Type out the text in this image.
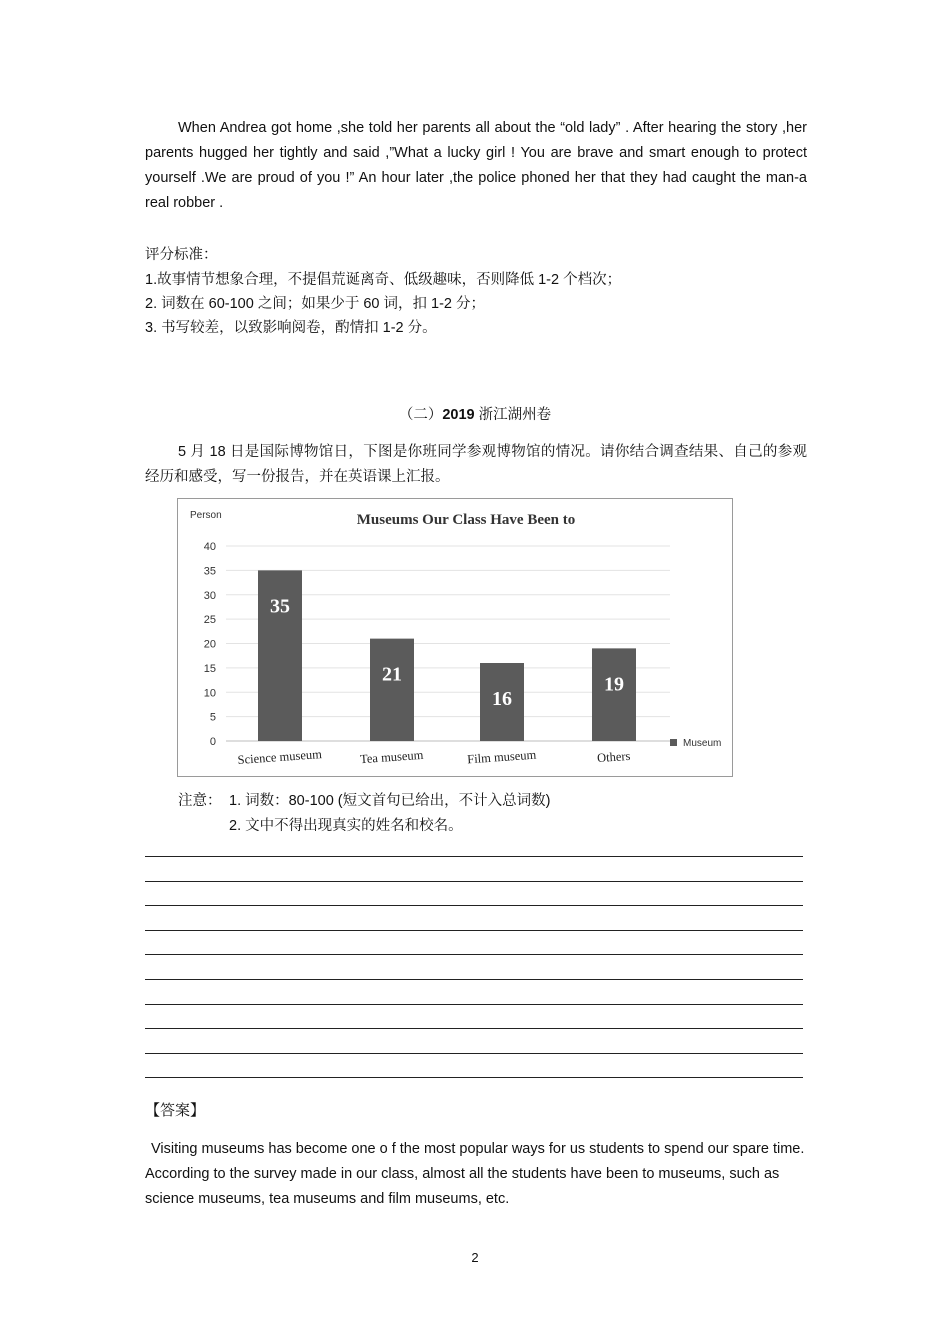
When Andrea got home ,she told her parents all about the “old lady” . After hearing the story ,her parents hugged her tightly and said ,”What a lucky girl ! You are brave and smart enough to protect yourself .We are proud of you !” An hour later ,the police phoned her that they had caught the man-a real robber .

评分标准：
1.故事情节想象合理，不提倡荒诞离奇、低级趣味，否则降低 1-2 个档次；
2. 词数在 60-100 之间；如果少于 60 词，扣 1-2 分；
3. 书写较差，以致影响阅卷，酌情扣 1-2 分。
（二）2019 浙江湖州卷

5 月 18 日是国际博物馆日，下图是你班同学参观博物馆的情况。请你结合调查结果、自己的参观经历和感受，写一份报告，并在英语课上汇报。

0
5
10
15
20
25
30
35
40
Person	Museums Our Class Have Been to
35
Science museum
21
Tea museum
16
Film museum
19
Others
Museum
注意： 1. 词数：80-100 (短文首句已给出，不计入总词数)
2. 文中不得出现真实的姓名和校名。
【答案】

Visiting museums has become one o f the most popular ways for us students to spend our spare time. According to the survey made in our class, almost all the students have been to museums, such as science museums, tea museums and film museums, etc.

2
